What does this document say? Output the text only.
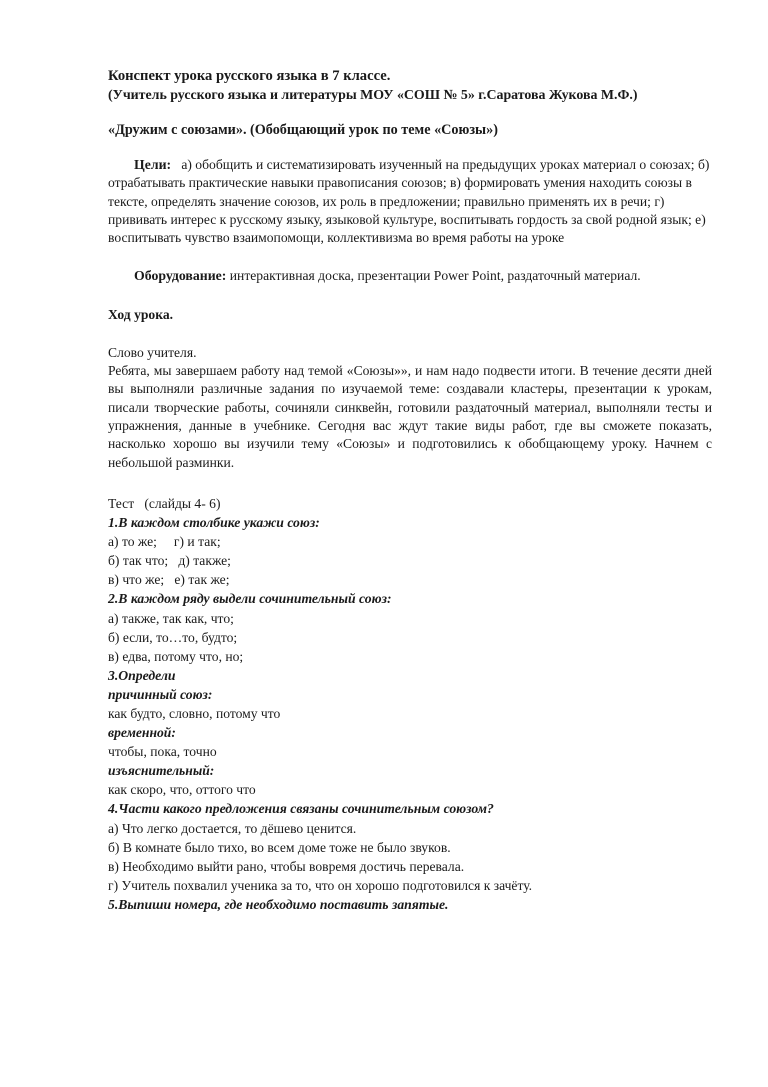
Конспект урока русского языка в 7 классе.
(Учитель русского языка и литературы МОУ «СОШ № 5» г.Саратова Жукова М.Ф.)
«Дружим с союзами». (Обобщающий урок по теме «Союзы»)
Цели: а) обобщить и систематизировать изученный на предыдущих уроках материал о союзах; б) отрабатывать практические навыки правописания союзов; в) формировать умения находить союзы в тексте, определять значение союзов, их роль в предложении; правильно применять их в речи; г) прививать интерес к русскому языку, языковой культуре, воспитывать гордость за свой родной язык; е) воспитывать чувство взаимопомощи, коллективизма во время работы на уроке
Оборудование: интерактивная доска, презентации Power Point, раздаточный материал.
Ход урока.
Слово учителя.
Ребята, мы завершаем работу над темой «Союзы»», и нам надо подвести итоги. В течение десяти дней вы выполняли различные задания по изучаемой теме: создавали кластеры, презентации к урокам, писали творческие работы, сочиняли синквейн, готовили раздаточный материал, выполняли тесты и упражнения, данные в учебнике. Сегодня вас ждут такие виды работ, где вы сможете показать, насколько хорошо вы изучили тему «Союзы» и подготовились к обобщающему уроку. Начнем с небольшой разминки.
Тест   (слайды 4- 6)
1.В каждом столбике укажи союз:
а) то же;     г) и так;
б) так что;   д) также;
в) что же;   е) так же;
2.В каждом ряду выдели сочинительный союз:
а) также, так как, что;
б) если, то…то, будто;
в) едва, потому что, но;
3.Определи
причинный союз:
как будто, словно, потому что
временной:
чтобы, пока, точно
изъяснительный:
как скоро, что, оттого что
4.Части какого предложения связаны сочинительным союзом?
а) Что легко достается, то дёшево ценится.
б) В комнате было тихо, во всем доме тоже не было звуков.
в) Необходимо выйти рано, чтобы вовремя достичь перевала.
г) Учитель похвалил ученика за то, что он хорошо подготовился к зачёту.
5.Выпиши номера, где необходимо поставить запятые.
